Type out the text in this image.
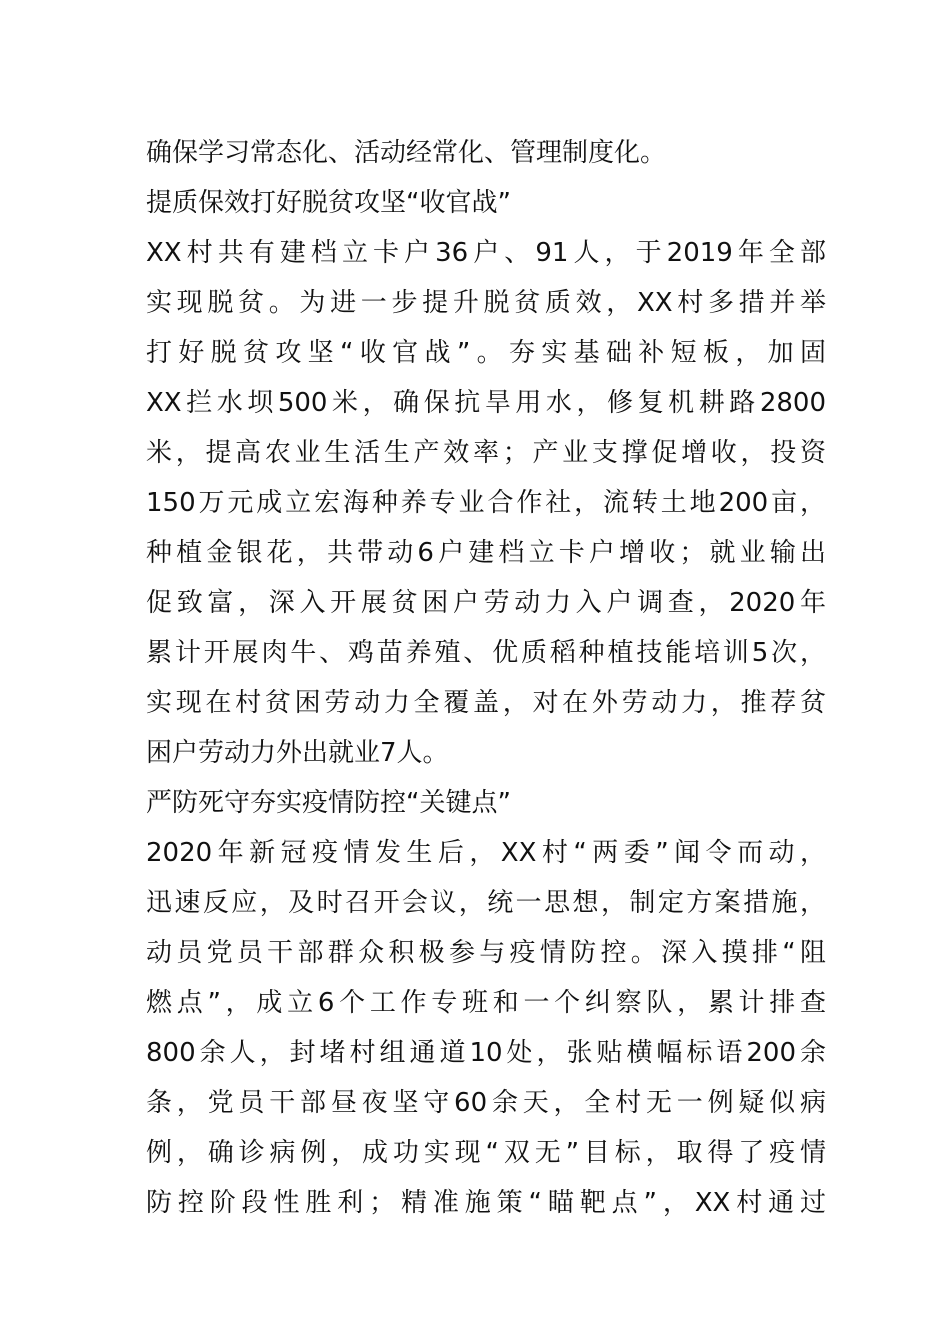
确保学习常态化、活动经常化、管理制度化。
提质保效打好脱贫攻坚“收官战”
XX村共有建档立卡户36户、91人，于2019年全部
实现脱贫。为进一步提升脱贫质效，XX村多措并举
打好脱贫攻坚“收官战”。夯实基础补短板，加固
XX拦水坝500米，确保抗旱用水，修复机耕路2800
米，提高农业生活生产效率；产业支撑促增收，投资
150万元成立宏海种养专业合作社，流转土地200亩，
种植金银花，共带动6户建档立卡户增收；就业输出
促致富，深入开展贫困户劳动力入户调查，2020年
累计开展肉牛、鸡苗养殖、优质稻种植技能培训5次，
实现在村贫困劳动力全覆盖，对在外劳动力，推荐贫
困户劳动力外出就业7人。
严防死守夯实疫情防控“关键点”
2020年新冠疫情发生后，XX村“两委”闻令而动，
迅速反应，及时召开会议，统一思想，制定方案措施，
动员党员干部群众积极参与疫情防控。深入摸排“阻
燃点”，成立6个工作专班和一个纠察队，累计排查
800余人，封堵村组通道10处，张贴横幅标语200余
条，党员干部昼夜坚守60余天，全村无一例疑似病
例，确诊病例，成功实现“双无”目标，取得了疫情
防控阶段性胜利；精准施策“瞄靶点”，XX村通过
